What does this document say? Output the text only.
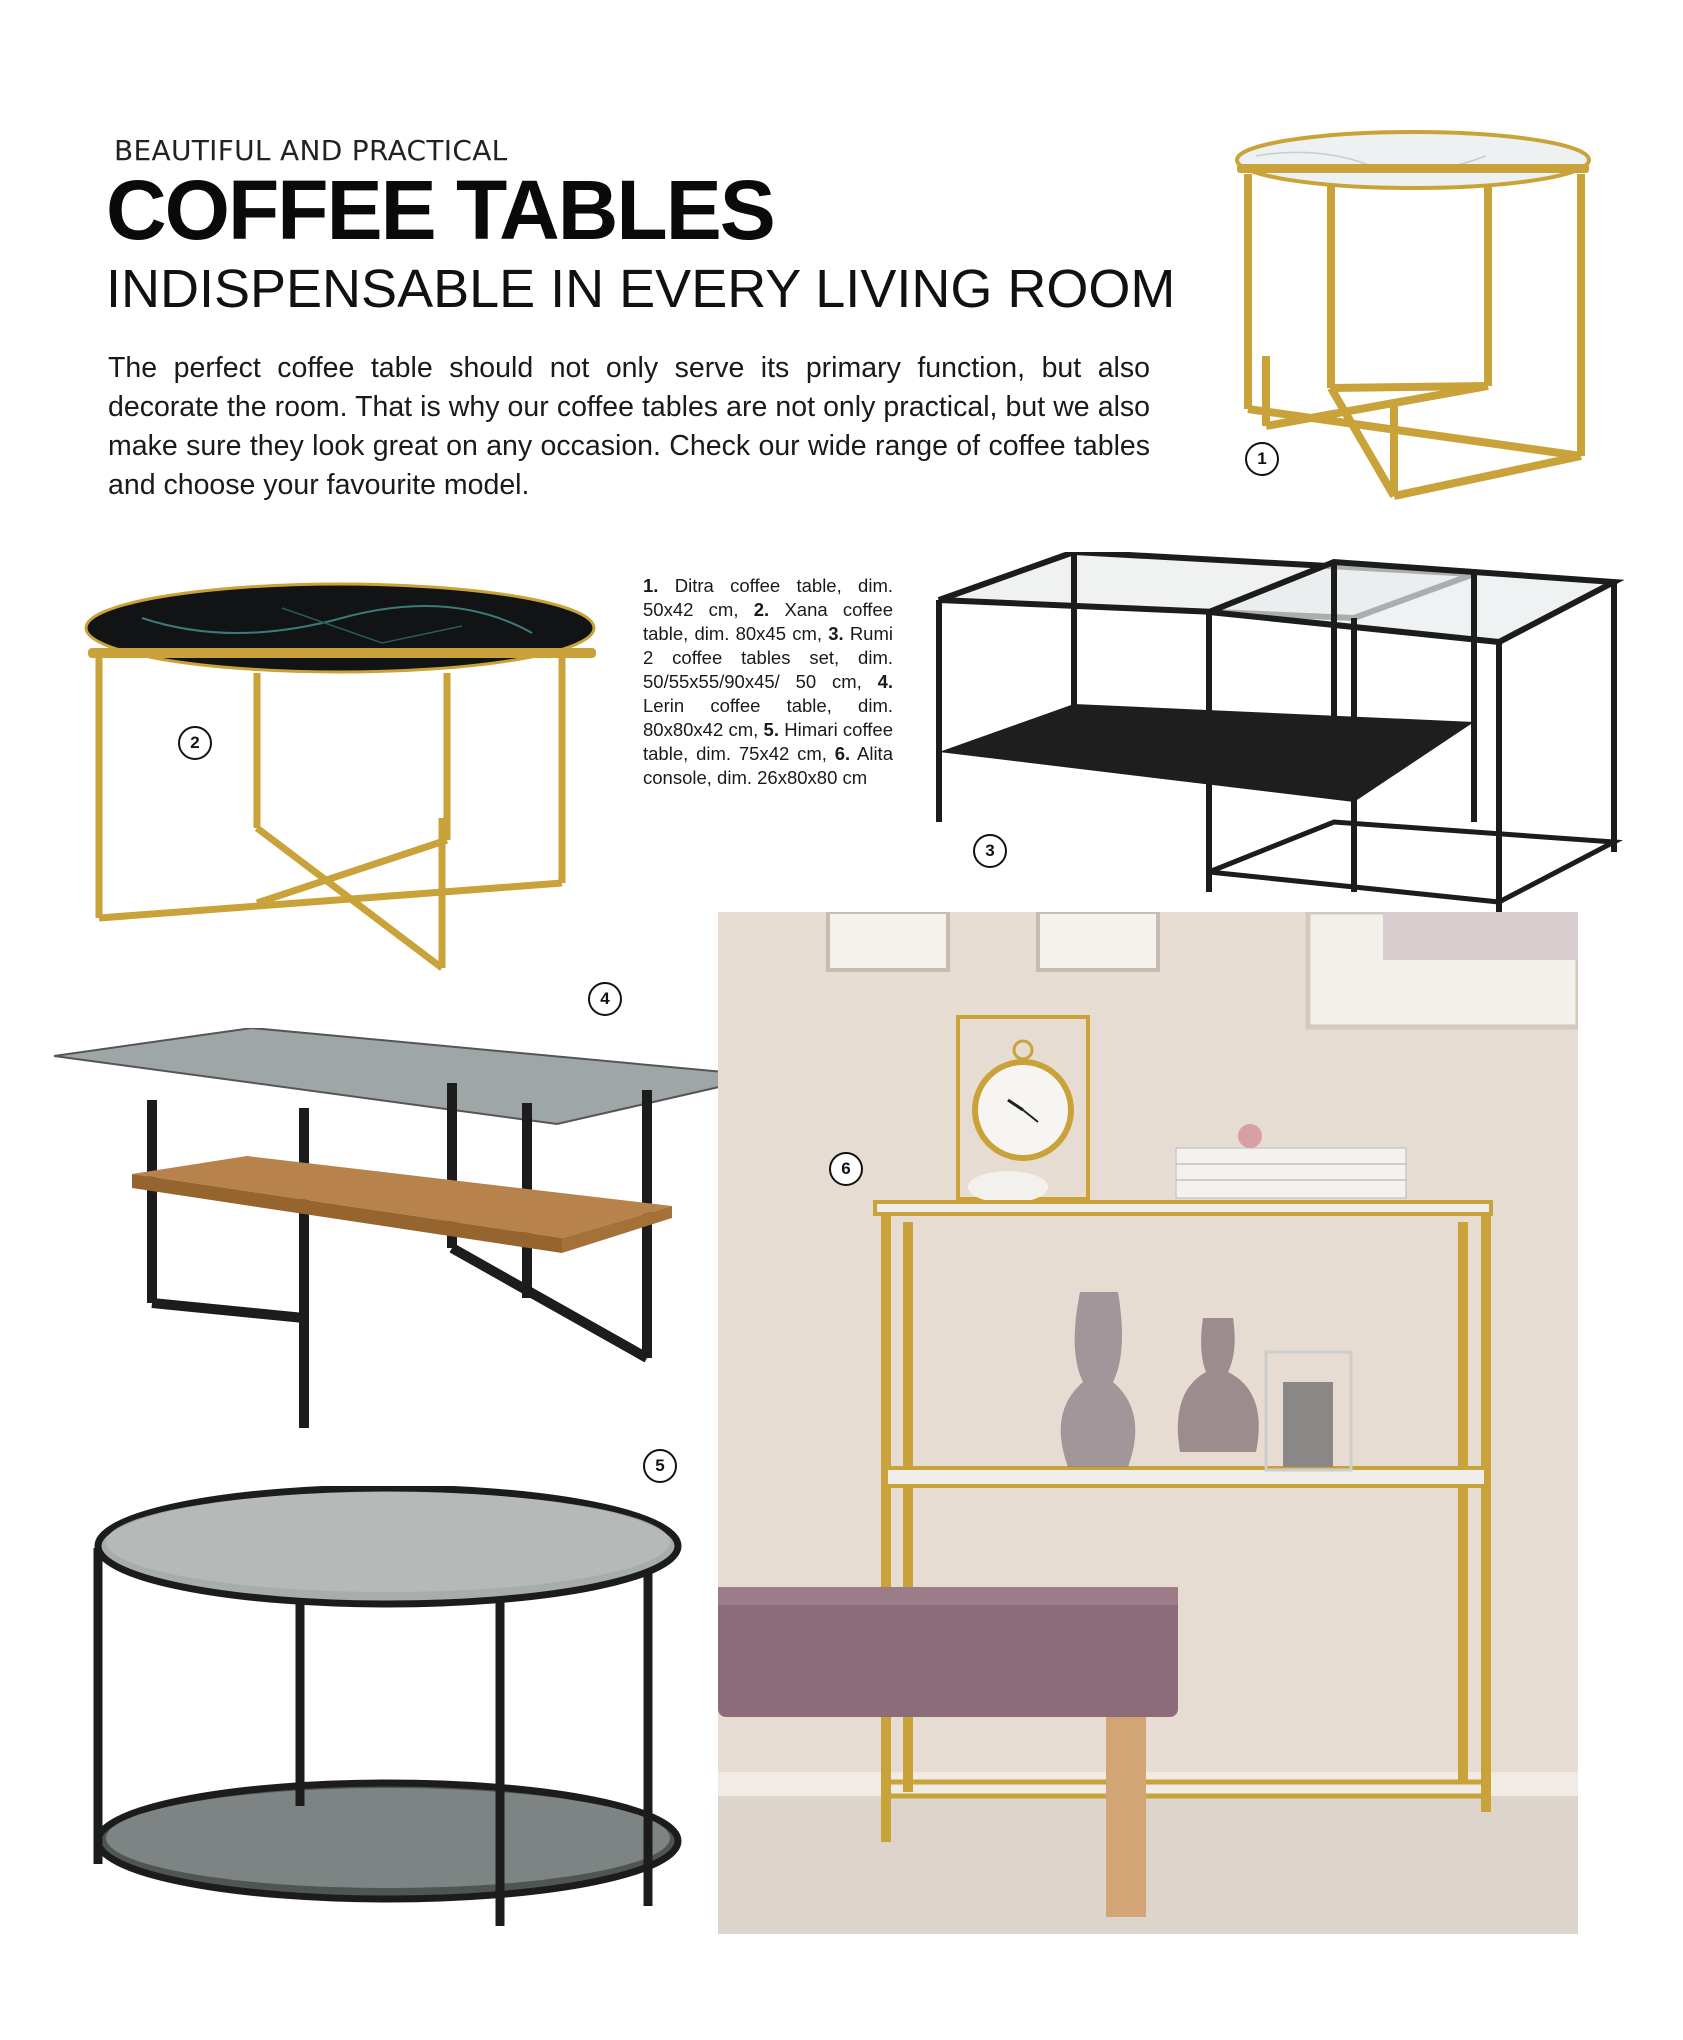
BEAUTIFUL AND PRACTICAL
COFFEE TABLES
INDISPENSABLE IN EVERY LIVING ROOM
The perfect coffee table should not only serve its primary function, but also decorate the room. That is why our coffee tables are not only practical, but we also make sure they look great on any occasion. Check our wide range of coffee tables and choose your favourite model.
1. Ditra coffee table, dim. 50x42 cm, 2. Xana coffee table, dim. 80x45 cm, 3. Rumi 2 coffee tables set, dim. 50/55x55/90x45/ 50 cm, 4. Lerin coffee table, dim. 80x80x42 cm, 5. Himari coffee table, dim. 75x42 cm, 6. Alita console, dim. 26x80x80 cm
1
2
3
4
5
6
